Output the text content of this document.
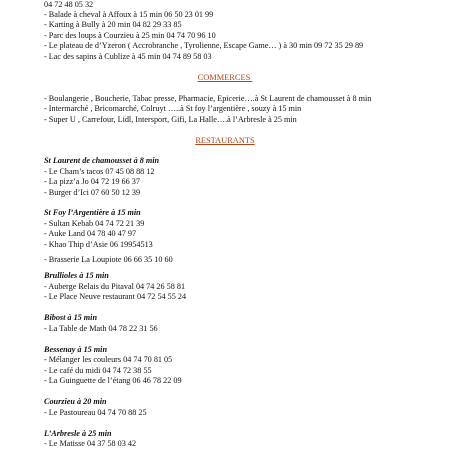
04 72 48 05 32
- Balade à cheval à Affoux à 15 min 06 50 23 01 99
- Karting à Bully à 20 min 04 82 29 33 85
- Parc des loups à Courzieu à 25 min 04 74 70 96 10
- Le plateau de d’Yzeron ( Accrobranche , Tyrolienne, Escape Game… ) à 30 min 09 72 35 29 89
- Lac des sapins à Cublize à 45 min 04 74 89 58 03
COMMERCES
- Boulangerie , Boucherie, Tabac presse, Pharmacie, Epicerie….à St Laurent de chamousset à 8 min
- Intermarché , Bricomarché, Colruyt …..à St foy l’argentière , souzy à 15 min
- Super U , Carrefour, Lidl, Intersport, Gifi, La Halle….à l’Arbresle à 25 min
RESTAURANTS
St Laurent de chamousset à 8 min
- Le Cham’s tacos 07 45 08 88 12
- La pizz’a Jo 04 72 19 66 37
- Burger d’Ici 07 60 50 12 39
St Foy l’Argentière à 15 min
- Sultan Kebab 04 74 72 21 39
- Auke Land 04 78 40 47 97
- Khao Thip d’Asie 06 19954513
- Brasserie La Loupiote 06 66 35 10 60
Brullioles à 15 min
- Auberge Relais du Pitaval 04 74 26 58 81
- Le Place Neuve restaurant 04 72 54 55 24
Bibost à 15 min
- La Table de Math 04 78 22 31 56
Bessenay à 15 min
- Mélanger les couleurs 04 74 70 81 05
- Le café du midi 04 74 72 38 55
- La Guinguette de l’étang 06 46 78 22 09
Courzieu à 20 min
- Le Pastoureau 04 74 70 88 25
L’Arbresle à 25 min
- Le Matisse 04 37 58 03 42
